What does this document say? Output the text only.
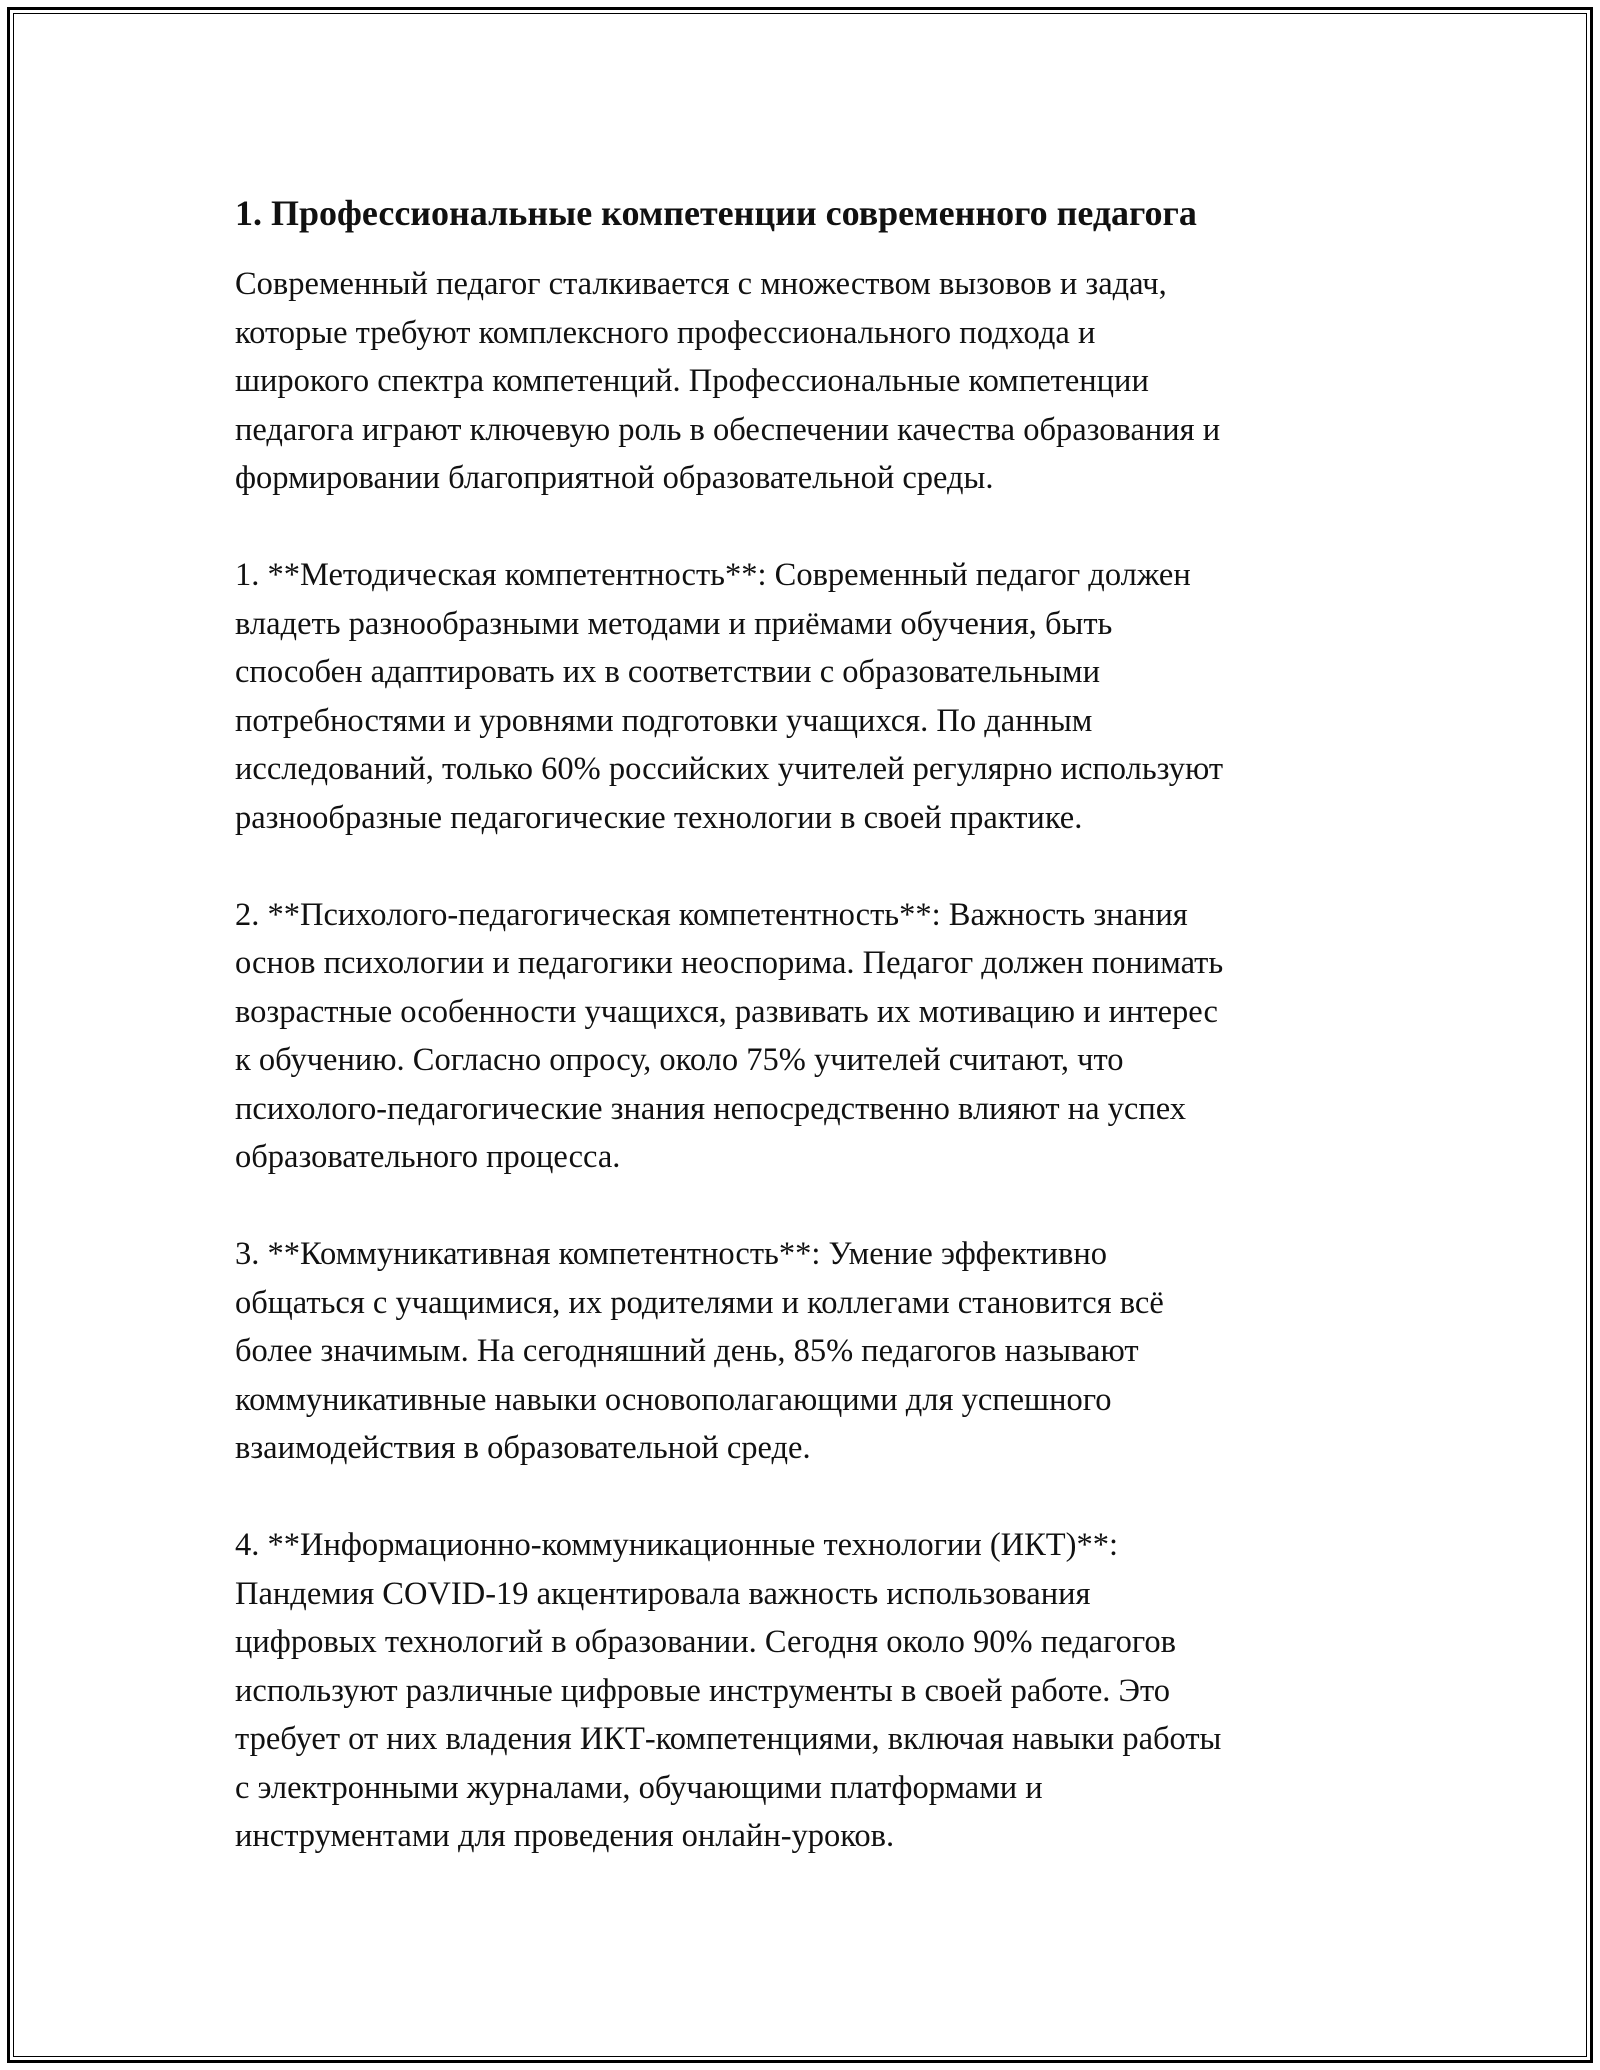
1. Профессиональные компетенции современного педагога
Современный педагог сталкивается с множеством вызовов и задач,
которые требуют комплексного профессионального подхода и
широкого спектра компетенций. Профессиональные компетенции
педагога играют ключевую роль в обеспечении качества образования и
формировании благоприятной образовательной среды.
1. **Методическая компетентность**: Современный педагог должен
владеть разнообразными методами и приёмами обучения, быть
способен адаптировать их в соответствии с образовательными
потребностями и уровнями подготовки учащихся. По данным
исследований, только 60% российских учителей регулярно используют
разнообразные педагогические технологии в своей практике.
2. **Психолого-педагогическая компетентность**: Важность знания
основ психологии и педагогики неоспорима. Педагог должен понимать
возрастные особенности учащихся, развивать их мотивацию и интерес
к обучению. Согласно опросу, около 75% учителей считают, что
психолого-педагогические знания непосредственно влияют на успех
образовательного процесса.
3. **Коммуникативная компетентность**: Умение эффективно
общаться с учащимися, их родителями и коллегами становится всё
более значимым. На сегодняшний день, 85% педагогов называют
коммуникативные навыки основополагающими для успешного
взаимодействия в образовательной среде.
4. **Информационно-коммуникационные технологии (ИКТ)**:
Пандемия COVID-19 акцентировала важность использования
цифровых технологий в образовании. Сегодня около 90% педагогов
используют различные цифровые инструменты в своей работе. Это
требует от них владения ИКТ-компетенциями, включая навыки работы
с электронными журналами, обучающими платформами и
инструментами для проведения онлайн-уроков.
